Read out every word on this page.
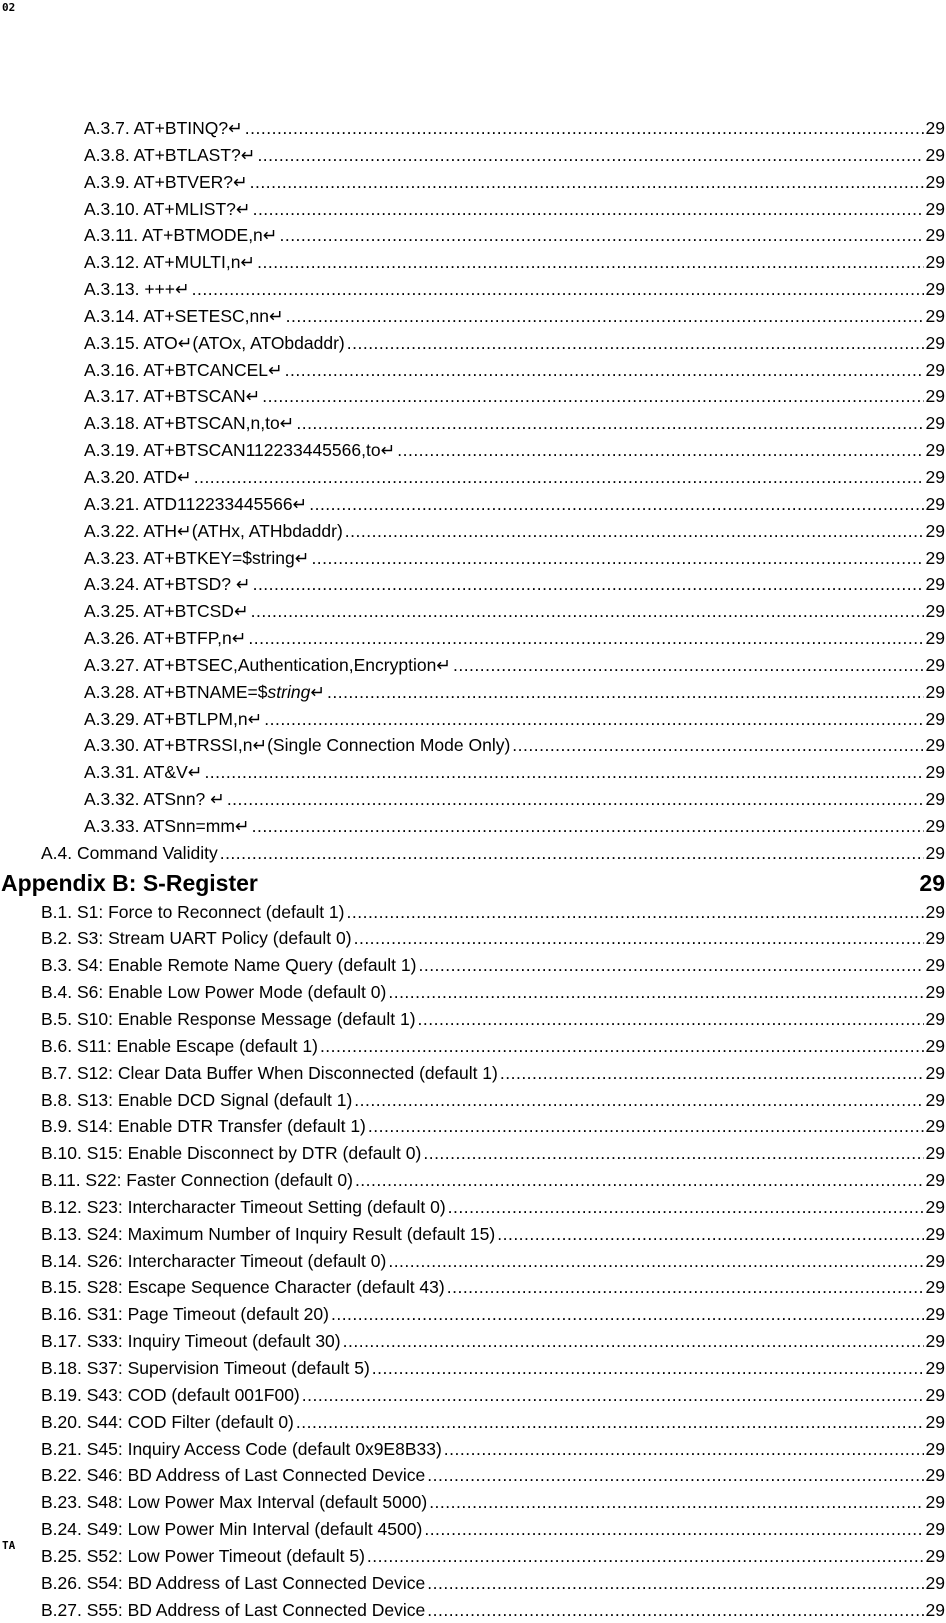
02
A.3.7. AT+BTINQ?↵ .....	29
A.3.8. AT+BTLAST?↵ .....	29
A.3.9. AT+BTVER?↵ .....	29
A.3.10. AT+MLIST?↵ .....	29
A.3.11. AT+BTMODE,n↵ .....	29
A.3.12. AT+MULTI,n↵ .....	29
A.3.13. +++↵ .....	29
A.3.14. AT+SETESC,nn↵ .....	29
A.3.15. ATO↵(ATOx, ATObdaddr) .....	29
A.3.16. AT+BTCANCEL↵ .....	29
A.3.17. AT+BTSCAN↵ .....	29
A.3.18. AT+BTSCAN,n,to↵ .....	29
A.3.19. AT+BTSCAN112233445566,to↵ .....	29
A.3.20. ATD↵ .....	29
A.3.21. ATD112233445566↵ .....	29
A.3.22. ATH↵(ATHx, ATHbdaddr) .....	29
A.3.23. AT+BTKEY=$string↵ .....	29
A.3.24. AT+BTSD? ↵ .....	29
A.3.25. AT+BTCSD↵ .....	29
A.3.26. AT+BTFP,n↵ .....	29
A.3.27. AT+BTSEC,Authentication,Encryption↵ .....	29
A.3.28. AT+BTNAME=$string↵ .....	29
A.3.29. AT+BTLPM,n↵ .....	29
A.3.30. AT+BTRSSI,n↵(Single Connection Mode Only) .....	29
A.3.31. AT&V↵ .....	29
A.3.32. ATSnn? ↵ .....	29
A.3.33. ATSnn=mm↵ .....	29
A.4. Command Validity .....	29
Appendix B: S-Register	29
B.1. S1: Force to Reconnect (default 1) .....	29
B.2. S3: Stream UART Policy (default 0) .....	29
B.3. S4: Enable Remote Name Query (default 1) .....	29
B.4. S6: Enable Low Power Mode (default 0) .....	29
B.5. S10: Enable Response Message (default 1) .....	29
B.6. S11: Enable Escape (default 1) .....	29
B.7. S12: Clear Data Buffer When Disconnected (default 1) .....	29
B.8. S13: Enable DCD Signal (default 1) .....	29
B.9. S14: Enable DTR Transfer (default 1) .....	29
B.10. S15: Enable Disconnect by DTR (default 0) .....	29
B.11. S22: Faster Connection (default 0) .....	29
B.12. S23: Intercharacter Timeout Setting (default 0) .....	29
B.13. S24: Maximum Number of Inquiry Result (default 15) .....	29
B.14. S26: Intercharacter Timeout (default 0) .....	29
B.15. S28: Escape Sequence Character (default 43) .....	29
B.16. S31: Page Timeout (default 20) .....	29
B.17. S33: Inquiry Timeout (default 30) .....	29
B.18. S37: Supervision Timeout (default 5) .....	29
B.19. S43: COD (default 001F00) .....	29
B.20. S44: COD Filter (default 0) .....	29
B.21. S45: Inquiry Access Code (default 0x9E8B33) .....	29
B.22. S46: BD Address of Last Connected Device .....	29
B.23. S48: Low Power Max Interval (default 5000) .....	29
B.24. S49: Low Power Min Interval (default 4500) .....	29
B.25. S52: Low Power Timeout (default 5) .....	29
B.26. S54: BD Address of Last Connected Device .....	29
B.27. S55: BD Address of Last Connected Device .....	29
TA
